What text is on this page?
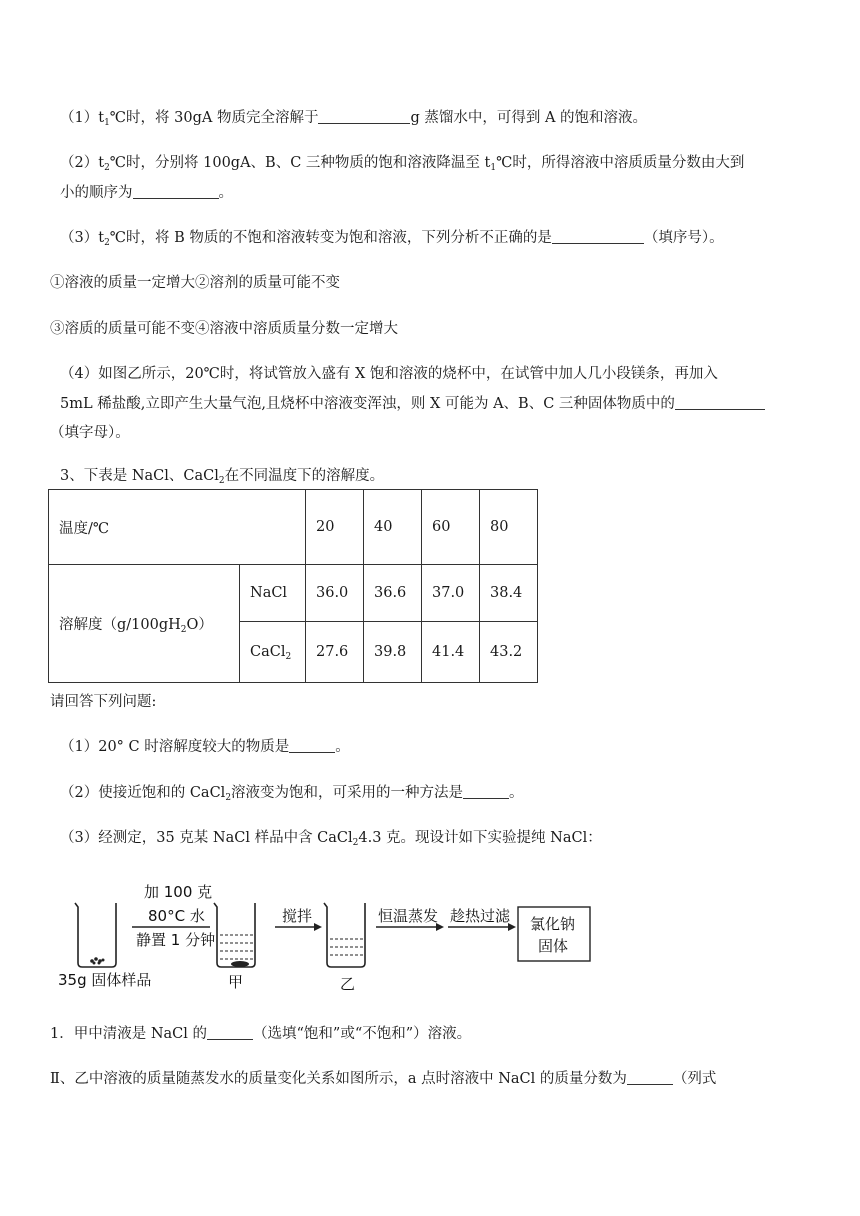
$(1)t_1℃$时，将 30gA 物质完全溶解于	g 蒸馏水中，可得到 A 的饱和溶液。
$(2)t_2℃$时，分别将 100gA、B、C 三种物质的饱和溶液降温至 $t_1℃$时，所得溶液中溶质质量分数由大到
小的顺序为	。
$(3)t_2℃$时，将 B 物质的不饱和溶液转变为饱和溶液，下列分析不正确的是	（填序号）。
①溶液的质量一定增大②溶剂的质量可能不变
③溶质的质量可能不变④溶液中溶质质量分数一定增大
（4）如图乙所示，20℃时，将试管放入盛有 X 饱和溶液的烧杯中，在试管中加人几小段镁条，再加入
5mL 稀盐酸,立即产生大量气泡,且烧杯中溶液变浑浊，则 X 可能为 A、B、C 三种固体物质中的
（填字母）。
3、下表是 NaCl、CaCl$_2$在不同温度下的溶解度。
温度/℃		20	40	60	80
溶解度$(g/100gH_2O)$	NaCl	36.0	36.6	37.0	38.4
	CaCl$_2$	27.6	39.8	41.4	43.2
请回答下列问题:
（1）20° C 时溶解度较大的物质是	。
（2）使接近饱和的 CaCl$_2$溶液变为饱和，可采用的一种方法是	。
（3）经测定，35 克某 NaCl 样品中含 CaCl$_2$4.3 克。现设计如下实验提纯 NaCl：
35g 固体样品
加 100 克
80°C 水
静置 1 分钟
甲
搅拌
乙
恒温蒸发 趁热过滤 氯化钠
固体
1．甲中清液是 NaCl 的	（选填“饱和”或“不饱和”）溶液。
Ⅱ、乙中溶液的质量随蒸发水的质量变化关系如图所示，a 点时溶液中 NaCl 的质量分数为	（列式
